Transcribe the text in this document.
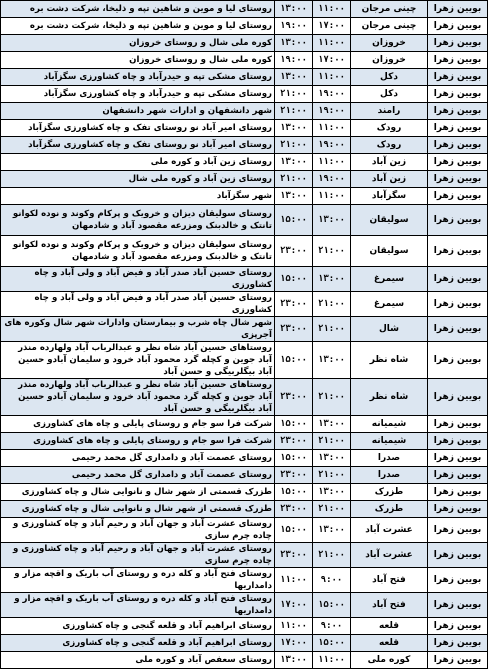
بویین زهرا	چینی مرجان	۱۱:۰۰	۱۳:۰۰	روستای لیا و موین و شاهین تپه و ذلیخا، شرکت دشت بره
بویین زهرا	چینی مرجان	۱۷:۰۰	۱۹:۰۰	روستای لیا و موین و شاهین تپه و ذلیخا، شرکت دشت بره
بویین زهرا	خروزان	۱۱:۰۰	۱۳:۰۰	کوره ملی شال و روستای خروزان
بویین زهرا	خروزان	۱۷:۰۰	۱۹:۰۰	کوره ملی شال و روستای خروزان
بویین زهرا	دکل	۱۱:۰۰	۱۳:۰۰	روستای مشکی تپه و حیدرآباد و چاه کشاورزی سگزآباد
بویین زهرا	دکل	۱۹:۰۰	۲۱:۰۰	روستای مشکی تپه و حیدرآباد و چاه کشاورزی سگزآباد
بویین زهرا	رامند	۱۹:۰۰	۲۱:۰۰	شهر دانشفهان و ادارات شهر دانشفهان
بویین زهرا	رودک	۱۱:۰۰	۱۳:۰۰	روستای امیر آباد نو روستای تفک و چاه کشاورزی سگزآباد
بویین زهرا	رودک	۱۹:۰۰	۲۱:۰۰	روستای امیر آباد نو روستای تفک و چاه کشاورزی سگزآباد
بویین زهرا	زین آباد	۱۱:۰۰	۱۳:۰۰	روستای زین آباد و کوره ملی
بویین زهرا	زین آباد	۱۹:۰۰	۲۱:۰۰	روستای زین آباد و کوره ملی شال
بویین زهرا	سگزآباد	۱۱:۰۰	۱۳:۰۰	شهر سگزآباد
بویین زهرا	سولیقان	۱۳:۰۰	۱۵:۰۰	روستای سولیقان دیزان و خرویک و پرکام وکوند و نوده لکوانو تانتک و خالدبنک ومزرعه مقصود آباد و شادمهان
بویین زهرا	سولیقان	۲۱:۰۰	۲۳:۰۰	روستای سولیقان دیزان و خرویک و پرکام وکوند و نوده لکوانو تانتک و خالدبنک ومزرعه مقصود آباد و شادمهان
بویین زهرا	سیمرغ	۱۳:۰۰	۱۵:۰۰	روستای حسین آباد صدر آباد و فیض آباد و ولی آباد و چاه کشاورزی
بویین زهرا	سیمرغ	۲۱:۰۰	۲۳:۰۰	روستای حسین آباد صدر آباد و فیض آباد و ولی آباد و چاه کشاورزی
بویین زهرا	شال	۲۱:۰۰	۲۳:۰۰	شهر شال چاه شرب و بیمارستان وادارات شهر شال وکوره های آجرپزی
بویین زهرا	شاه نظر	۱۳:۰۰	۱۵:۰۰	روستاهای حسین آباد شاه نظر و عبدالرباب آباد ولهارده منذر آباد جوین و کچله گرد محمود آباد خرود و سلیمان آبادو حسین آباد بیگلربیگی و حسن آباد
بویین زهرا	شاه نظر	۲۱:۰۰	۲۳:۰۰	روستاهای حسین آباد شاه نظر و عبدالرباب آباد ولهارده منذر آباد جوین و کچله گرد محمود آباد خرود و سلیمان آبادو حسین آباد بیگلربیگی و حسن آباد
بویین زهرا	شیمیانه	۱۳:۰۰	۱۵:۰۰	شرکت فرا سو جام و روستای پایلی و چاه های کشاورزی
بویین زهرا	شیمیانه	۲۱:۰۰	۲۳:۰۰	شرکت فرا سو جام و روستای پایلی و چاه های کشاورزی
بویین زهرا	صدرا	۱۳:۰۰	۱۵:۰۰	روستای عصمت آباد و دامداری گل محمد رحیمی
بویین زهرا	صدرا	۲۱:۰۰	۲۳:۰۰	روستای عصمت آباد و دامداری گل محمد رحیمی
بویین زهرا	طزرک	۱۳:۰۰	۱۵:۰۰	طزرک قسمتی از شهر شال و نانوایی شال و چاه کشاورزی
بویین زهرا	طزرک	۲۱:۰۰	۲۳:۰۰	طزرک قسمتی از شهر شال و نانوایی شال و چاه کشاورزی
بویین زهرا	عشرت آباد	۱۳:۰۰	۱۵:۰۰	روستای عشرت آباد و جهان آباد و رحیم آباد و چاه کشاورزی و چاده چرم سازی
بویین زهرا	عشرت آباد	۲۱:۰۰	۲۳:۰۰	روستای عشرت آباد و جهان آباد و رحیم آباد و چاه کشاورزی و چاده چرم سازی
بویین زهرا	فتح آباد	۹:۰۰	۱۱:۰۰	روستای فتح آباد و کله دره و روستای آب باریک و اقچه مزار و دامداریها
بویین زهرا	فتح آباد	۱۵:۰۰	۱۷:۰۰	روستای فتح آباد و کله دره و روستای آب باریک و اقچه مزار و دامداریها
بویین زهرا	قلعه	۹:۰۰	۱۱:۰۰	روستای ابراهیم آباد و قلعه گنجی و چاه کشاورزی
بویین زهرا	قلعه	۱۵:۰۰	۱۷:۰۰	روستای ابراهیم آباد و قلعه گنجی و چاه کشاورزی
بویین زهرا	کوره ملی	۱۱:۰۰	۱۳:۰۰	روستای سعفص آباد و کوره ملی
